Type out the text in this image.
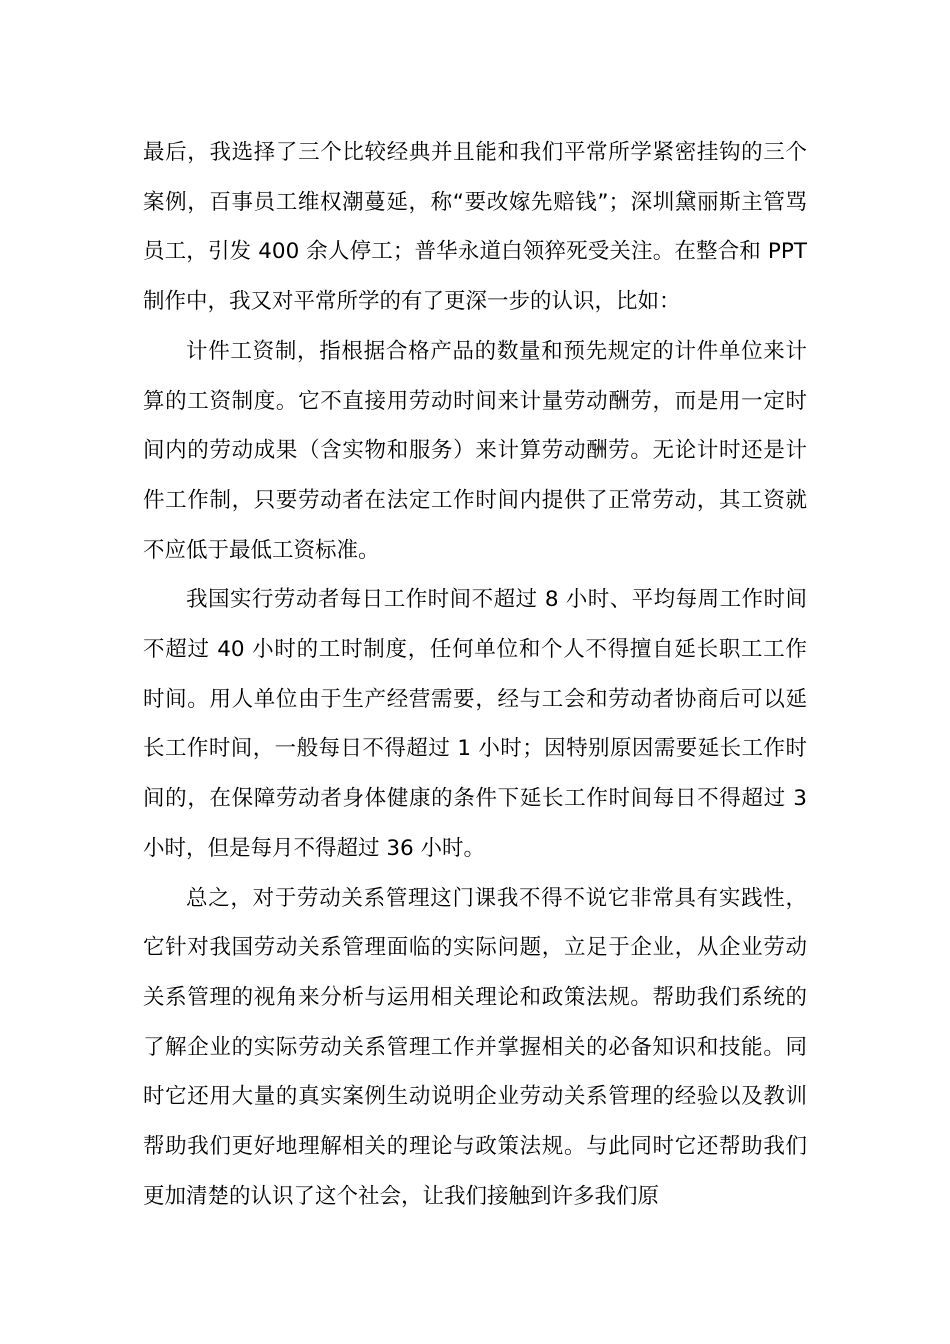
最后，我选择了三个比较经典并且能和我们平常所学紧密挂钩的三个案例，百事员工维权潮蔓延，称“要改嫁先赔钱”；深圳黛丽斯主管骂员工，引发 400 余人停工；普华永道白领猝死受关注。在整合和 PPT 制作中，我又对平常所学的有了更深一步的认识，比如：

计件工资制，指根据合格产品的数量和预先规定的计件单位来计算的工资制度。它不直接用劳动时间来计量劳动酬劳，而是用一定时间内的劳动成果（含实物和服务）来计算劳动酬劳。无论计时还是计件工作制，只要劳动者在法定工作时间内提供了正常劳动，其工资就不应低于最低工资标准。

我国实行劳动者每日工作时间不超过 8 小时、平均每周工作时间不超过 40 小时的工时制度，任何单位和个人不得擅自延长职工工作时间。用人单位由于生产经营需要，经与工会和劳动者协商后可以延长工作时间，一般每日不得超过 1 小时；因特别原因需要延长工作时间的，在保障劳动者身体健康的条件下延长工作时间每日不得超过 3 小时，但是每月不得超过 36 小时。

总之，对于劳动关系管理这门课我不得不说它非常具有实践性，它针对我国劳动关系管理面临的实际问题，立足于企业，从企业劳动关系管理的视角来分析与运用相关理论和政策法规。帮助我们系统的了解企业的实际劳动关系管理工作并掌握相关的必备知识和技能。同时它还用大量的真实案例生动说明企业劳动关系管理的经验以及教训帮助我们更好地理解相关的理论与政策法规。与此同时它还帮助我们更加清楚的认识了这个社会，让我们接触到许多我们原
